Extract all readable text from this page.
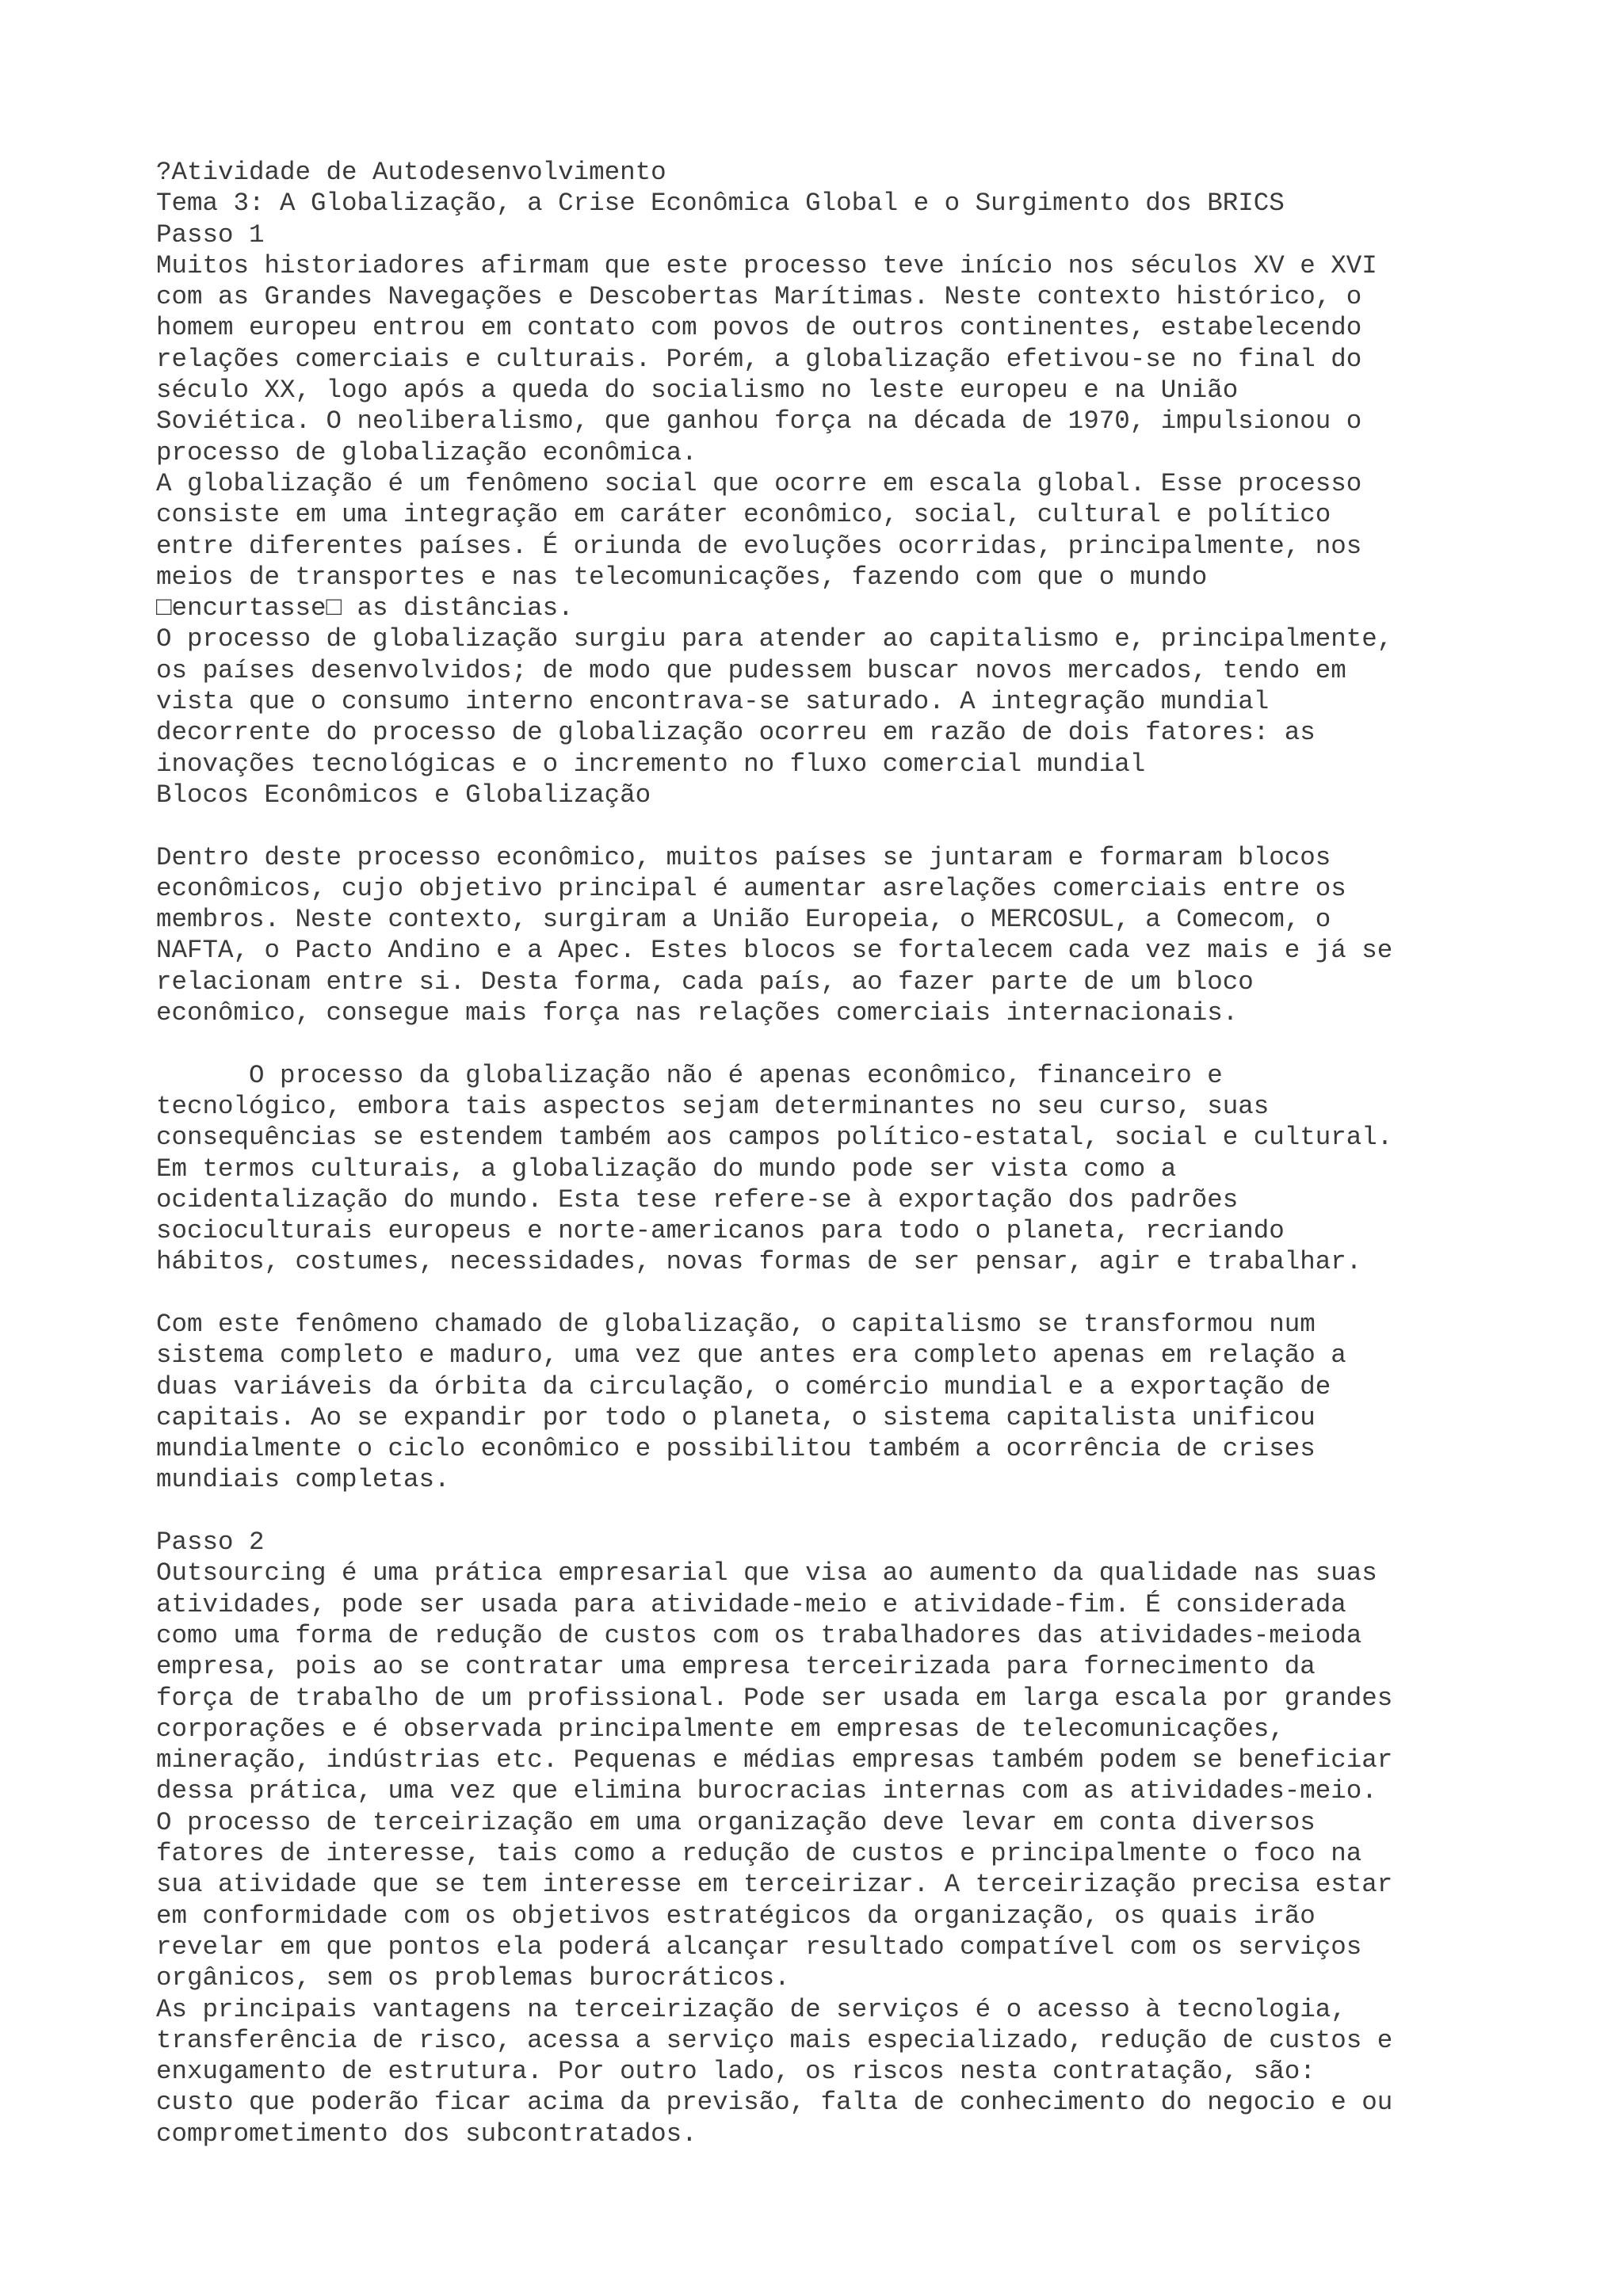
?Atividade de Autodesenvolvimento
Tema 3: A Globalização, a Crise Econômica Global e o Surgimento dos BRICS
Passo 1
Muitos historiadores afirmam que este processo teve início nos séculos XV e XVI
com as Grandes Navegações e Descobertas Marítimas. Neste contexto histórico, o
homem europeu entrou em contato com povos de outros continentes, estabelecendo
relações comerciais e culturais. Porém, a globalização efetivou-se no final do
século XX, logo após a queda do socialismo no leste europeu e na União
Soviética. O neoliberalismo, que ganhou força na década de 1970, impulsionou o
processo de globalização econômica.
A globalização é um fenômeno social que ocorre em escala global. Esse processo
consiste em uma integração em caráter econômico, social, cultural e político
entre diferentes países. É oriunda de evoluções ocorridas, principalmente, nos
meios de transportes e nas telecomunicações, fazendo com que o mundo
□encurtasse□ as distâncias.
O processo de globalização surgiu para atender ao capitalismo e, principalmente,
os países desenvolvidos; de modo que pudessem buscar novos mercados, tendo em
vista que o consumo interno encontrava-se saturado. A integração mundial
decorrente do processo de globalização ocorreu em razão de dois fatores: as
inovações tecnológicas e o incremento no fluxo comercial mundial
Blocos Econômicos e Globalização
Dentro deste processo econômico, muitos países se juntaram e formaram blocos
econômicos, cujo objetivo principal é aumentar asrelações comerciais entre os
membros. Neste contexto, surgiram a União Europeia, o MERCOSUL, a Comecom, o
NAFTA, o Pacto Andino e a Apec. Estes blocos se fortalecem cada vez mais e já se
relacionam entre si. Desta forma, cada país, ao fazer parte de um bloco
econômico, consegue mais força nas relações comerciais internacionais.
O processo da globalização não é apenas econômico, financeiro e
tecnológico, embora tais aspectos sejam determinantes no seu curso, suas
consequências se estendem também aos campos político-estatal, social e cultural.
Em termos culturais, a globalização do mundo pode ser vista como a
ocidentalização do mundo. Esta tese refere-se à exportação dos padrões
socioculturais europeus e norte-americanos para todo o planeta, recriando
hábitos, costumes, necessidades, novas formas de ser pensar, agir e trabalhar.
Com este fenômeno chamado de globalização, o capitalismo se transformou num
sistema completo e maduro, uma vez que antes era completo apenas em relação a
duas variáveis da órbita da circulação, o comércio mundial e a exportação de
capitais. Ao se expandir por todo o planeta, o sistema capitalista unificou
mundialmente o ciclo econômico e possibilitou também a ocorrência de crises
mundiais completas.
Passo 2
Outsourcing é uma prática empresarial que visa ao aumento da qualidade nas suas
atividades, pode ser usada para atividade-meio e atividade-fim. É considerada
como uma forma de redução de custos com os trabalhadores das atividades-meioda
empresa, pois ao se contratar uma empresa terceirizada para fornecimento da
força de trabalho de um profissional. Pode ser usada em larga escala por grandes
corporações e é observada principalmente em empresas de telecomunicações,
mineração, indústrias etc. Pequenas e médias empresas também podem se beneficiar
dessa prática, uma vez que elimina burocracias internas com as atividades-meio.
O processo de terceirização em uma organização deve levar em conta diversos
fatores de interesse, tais como a redução de custos e principalmente o foco na
sua atividade que se tem interesse em terceirizar. A terceirização precisa estar
em conformidade com os objetivos estratégicos da organização, os quais irão
revelar em que pontos ela poderá alcançar resultado compatível com os serviços
orgânicos, sem os problemas burocráticos.
As principais vantagens na terceirização de serviços é o acesso à tecnologia,
transferência de risco, acessa a serviço mais especializado, redução de custos e
enxugamento de estrutura. Por outro lado, os riscos nesta contratação, são:
custo que poderão ficar acima da previsão, falta de conhecimento do negocio e ou
comprometimento dos subcontratados.
